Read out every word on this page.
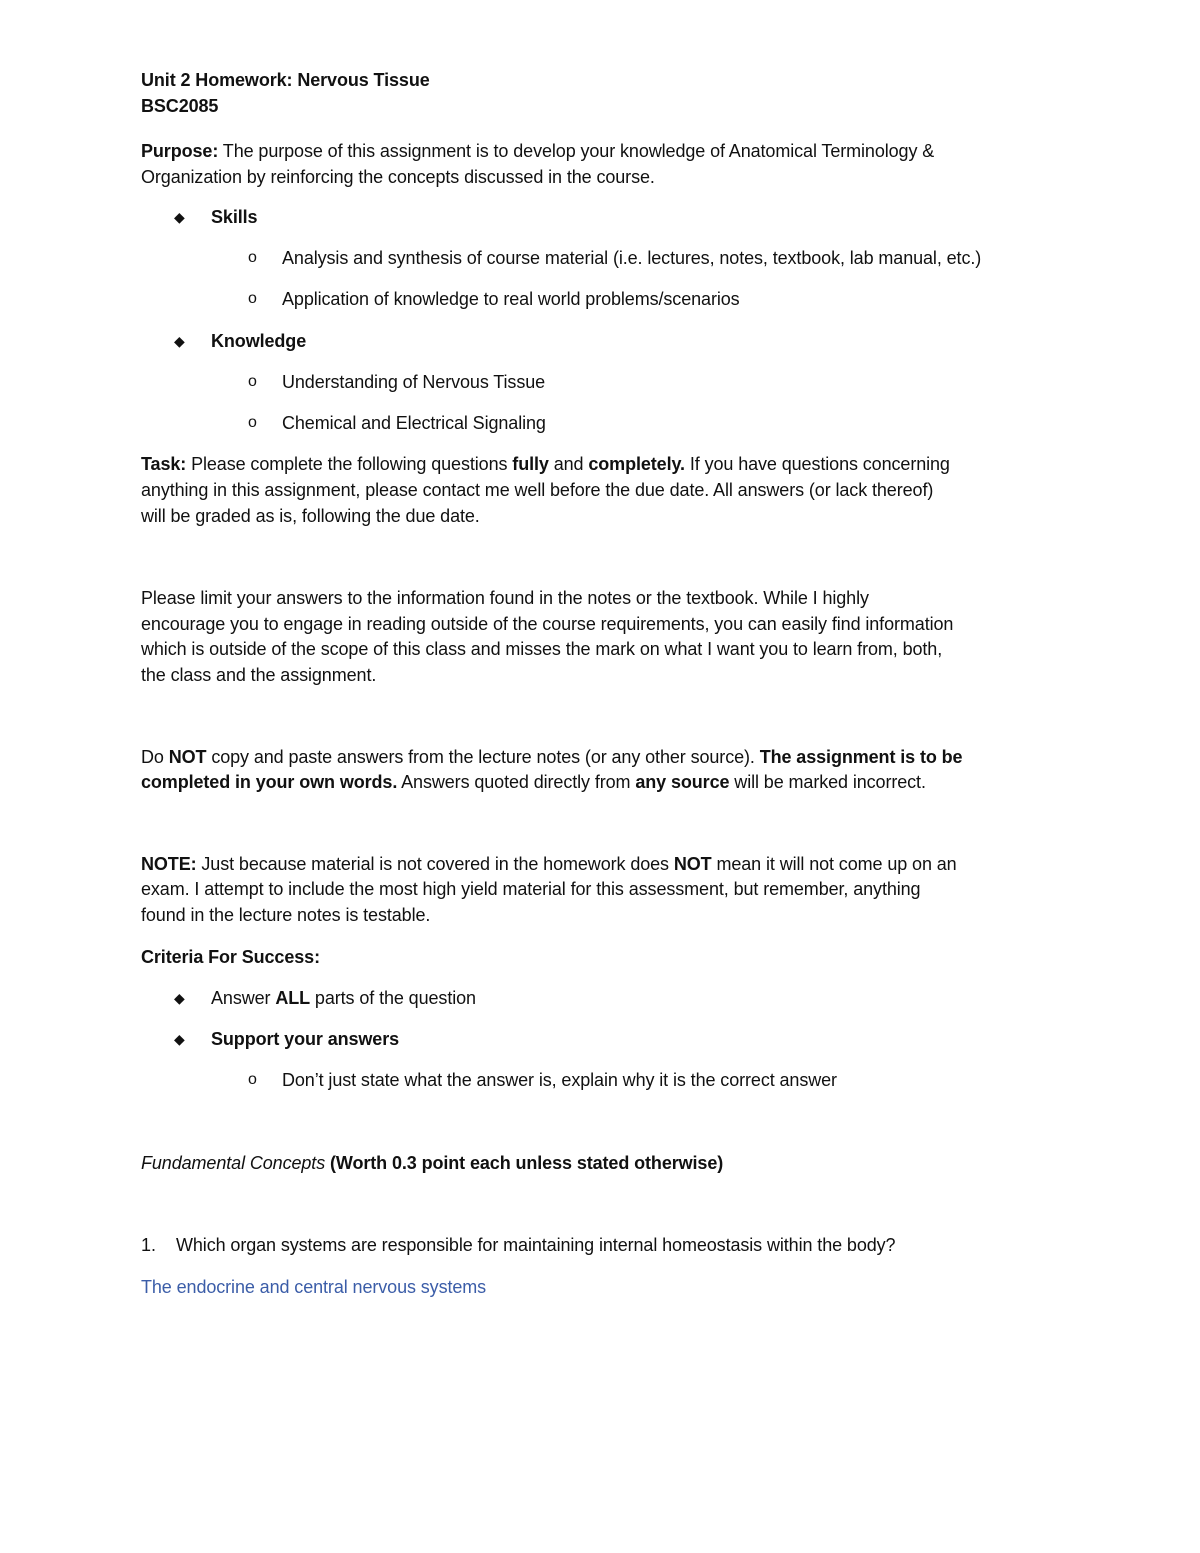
Unit 2 Homework: Nervous Tissue
BSC2085
Purpose: The purpose of this assignment is to develop your knowledge of Anatomical Terminology &
Organization by reinforcing the concepts discussed in the course.
◆ Skills
o Analysis and synthesis of course material (i.e. lectures, notes, textbook, lab manual, etc.)
o Application of knowledge to real world problems/scenarios
◆ Knowledge
o Understanding of Nervous Tissue
o Chemical and Electrical Signaling
Task: Please complete the following questions fully and completely. If you have questions concerning
anything in this assignment, please contact me well before the due date. All answers (or lack thereof)
will be graded as is, following the due date.
Please limit your answers to the information found in the notes or the textbook. While I highly
encourage you to engage in reading outside of the course requirements, you can easily find information
which is outside of the scope of this class and misses the mark on what I want you to learn from, both,
the class and the assignment.
Do NOT copy and paste answers from the lecture notes (or any other source). The assignment is to be
completed in your own words. Answers quoted directly from any source will be marked incorrect.
NOTE: Just because material is not covered in the homework does NOT mean it will not come up on an
exam. I attempt to include the most high yield material for this assessment, but remember, anything
found in the lecture notes is testable.
Criteria For Success:
◆ Answer ALL parts of the question
◆ Support your answers
o Don’t just state what the answer is, explain why it is the correct answer
Fundamental Concepts (Worth 0.3 point each unless stated otherwise)
1. Which organ systems are responsible for maintaining internal homeostasis within the body?
The endocrine and central nervous systems
